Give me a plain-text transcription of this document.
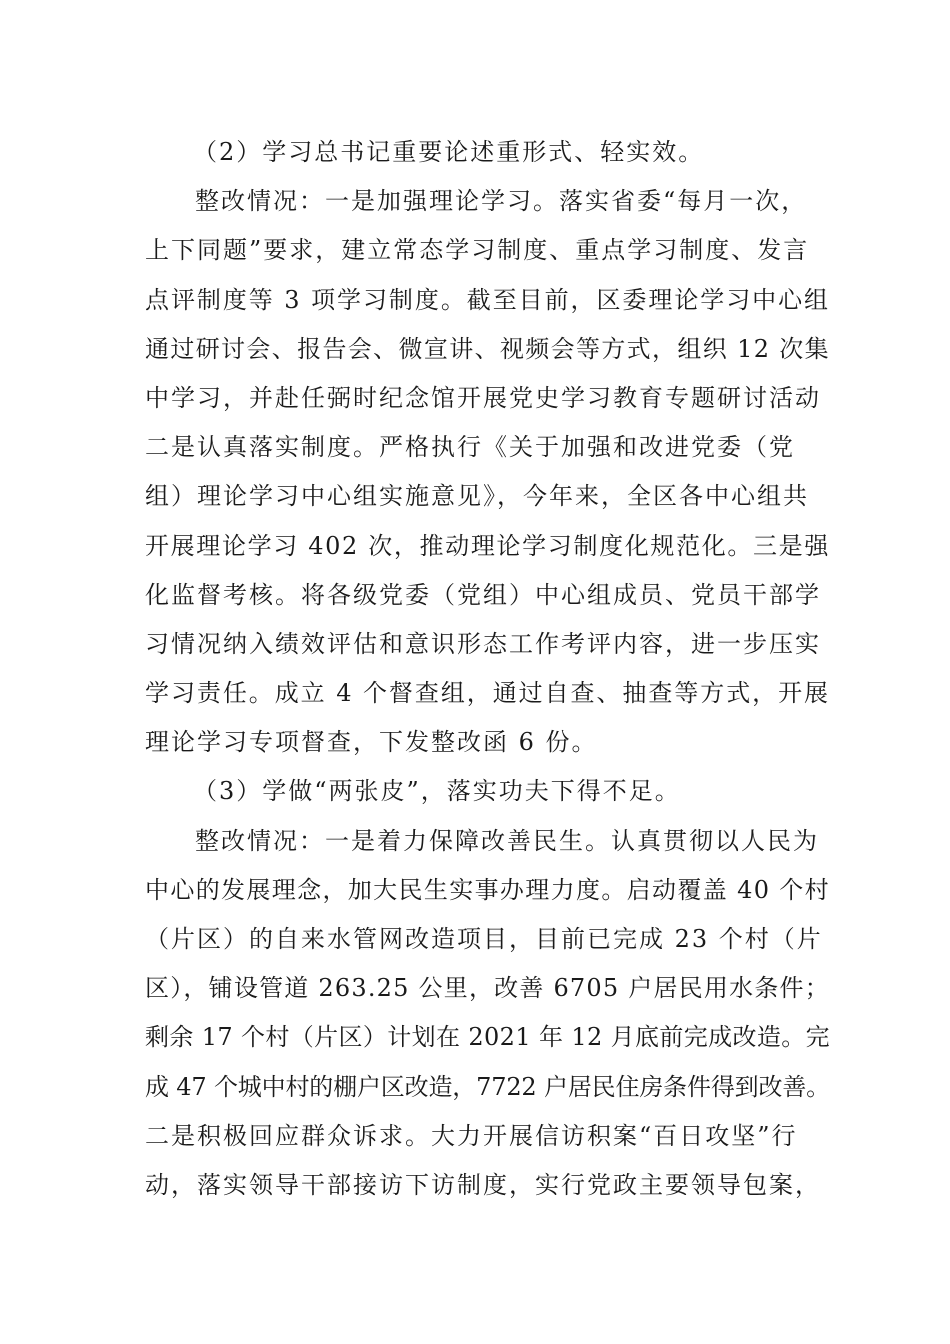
（2）学习总书记重要论述重形式、轻实效。
整改情况：一是加强理论学习。落实省委“每月一次，
上下同题”要求，建立常态学习制度、重点学习制度、发言
点评制度等 3 项学习制度。截至目前，区委理论学习中心组
通过研讨会、报告会、微宣讲、视频会等方式，组织 12 次集
中学习，并赴任弼时纪念馆开展党史学习教育专题研讨活动
二是认真落实制度。严格执行《关于加强和改进党委（党
组）理论学习中心组实施意见》，今年来，全区各中心组共
开展理论学习 402 次，推动理论学习制度化规范化。三是强
化监督考核。将各级党委（党组）中心组成员、党员干部学
习情况纳入绩效评估和意识形态工作考评内容，进一步压实
学习责任。成立 4 个督查组，通过自查、抽查等方式，开展
理论学习专项督查，下发整改函 6 份。
（3）学做“两张皮”，落实功夫下得不足。
整改情况：一是着力保障改善民生。认真贯彻以人民为
中心的发展理念，加大民生实事办理力度。启动覆盖 40 个村
（片区）的自来水管网改造项目，目前已完成 23 个村（片
区），铺设管道 263.25 公里，改善 6705 户居民用水条件；
剩余 17 个村（片区）计划在 2021 年 12 月底前完成改造。完
成 47 个城中村的棚户区改造，7722 户居民住房条件得到改善。
二是积极回应群众诉求。大力开展信访积案“百日攻坚”行
动，落实领导干部接访下访制度，实行党政主要领导包案，
